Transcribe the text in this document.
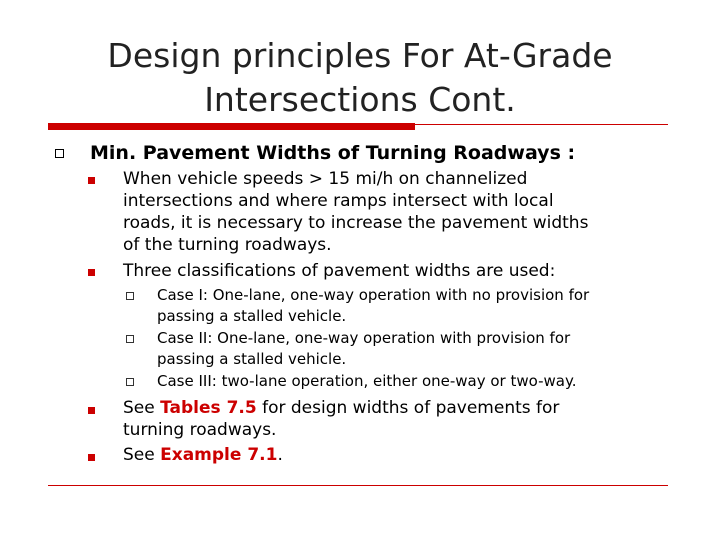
Design principles For At-Grade
Intersections Cont.
Min. Pavement Widths of Turning Roadways :
When vehicle speeds > 15 mi/h on channelized
intersections and where ramps intersect with local
roads, it is necessary to increase the pavement widths
of the turning roadways.
Three classifications of pavement widths are used:
Case I: One-lane, one-way operation with no provision for
passing a stalled vehicle.
Case II: One-lane, one-way operation with provision for
passing a stalled vehicle.
Case III: two-lane operation, either one-way or two-way.
See Tables 7.5 for design widths of pavements for
turning roadways.
See Example 7.1.
